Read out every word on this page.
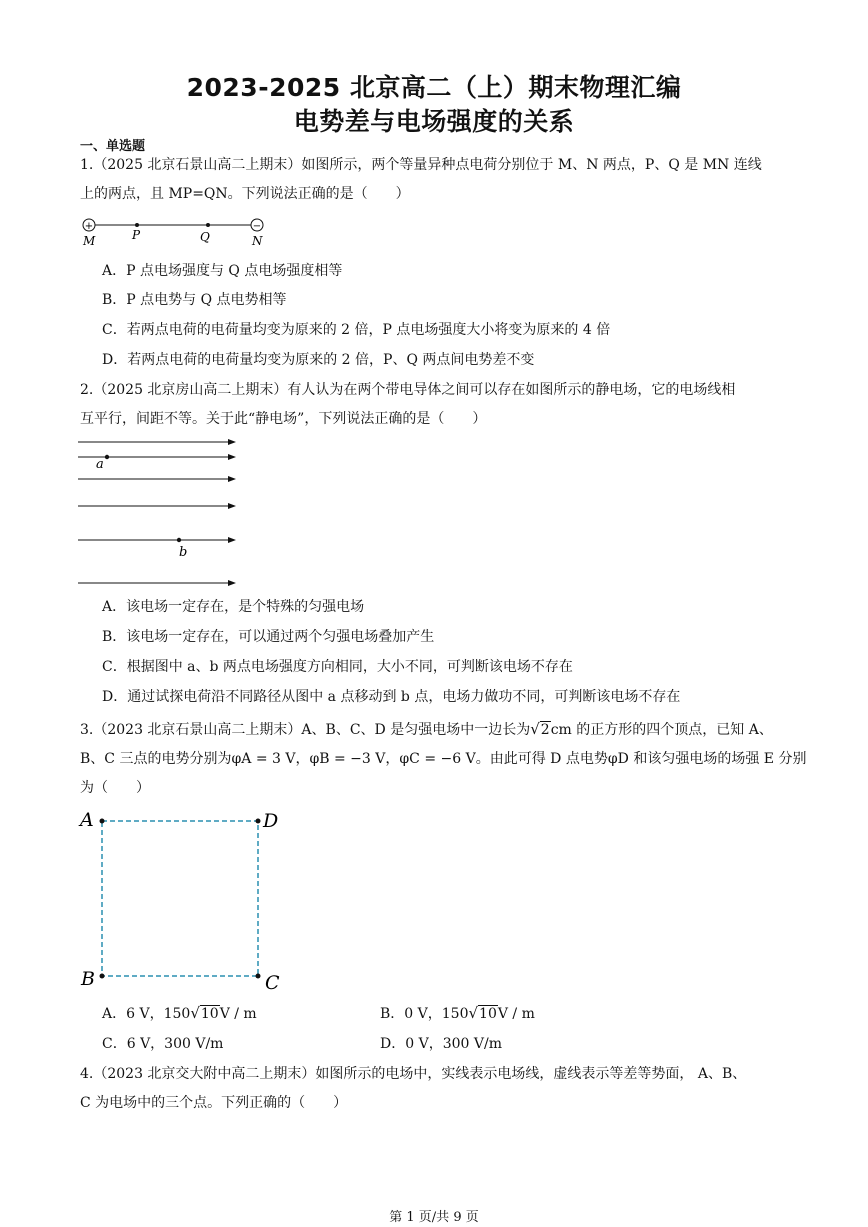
2023-2025 北京高二（上）期末物理汇编
电势差与电场强度的关系
一、单选题
1.（2025 北京石景山高二上期末）如图所示，两个等量异种点电荷分别位于 M、N 两点，P、Q 是 MN 连线
上的两点，且 MP=QN。下列说法正确的是（　　）
+	−
M	P	Q	N
A．P 点电场强度与 Q 点电场强度相等
B．P 点电势与 Q 点电势相等
C．若两点电荷的电荷量均变为原来的 2 倍，P 点电场强度大小将变为原来的 4 倍
D．若两点电荷的电荷量均变为原来的 2 倍，P、Q 两点间电势差不变
2.（2025 北京房山高二上期末）有人认为在两个带电导体之间可以存在如图所示的静电场，它的电场线相
互平行，间距不等。关于此“静电场”，下列说法正确的是（　　）
a
b
A．该电场一定存在，是个特殊的匀强电场
B．该电场一定存在，可以通过两个匀强电场叠加产生
C．根据图中 a、b 两点电场强度方向相同，大小不同，可判断该电场不存在
D．通过试探电荷沿不同路径从图中 a 点移动到 b 点，电场力做功不同，可判断该电场不存在
3.（2023 北京石景山高二上期末）A、B、C、D 是匀强电场中一边长为√2cm 的正方形的四个顶点，已知 A、
B、C 三点的电势分别为φA = 3 V，φB = −3 V，φC = −6 V。由此可得 D 点电势φD 和该匀强电场的场强 E 分别
为（　　）
A	D
B	C
A．6 V，150√10V / m	B．0 V，150√10V / m
C．6 V，300 V/m	D．0 V，300 V/m
4.（2023 北京交大附中高二上期末）如图所示的电场中，实线表示电场线，虚线表示等差等势面， A、B、
C 为电场中的三个点。下列正确的（　　）
第 1 页/共 9 页
